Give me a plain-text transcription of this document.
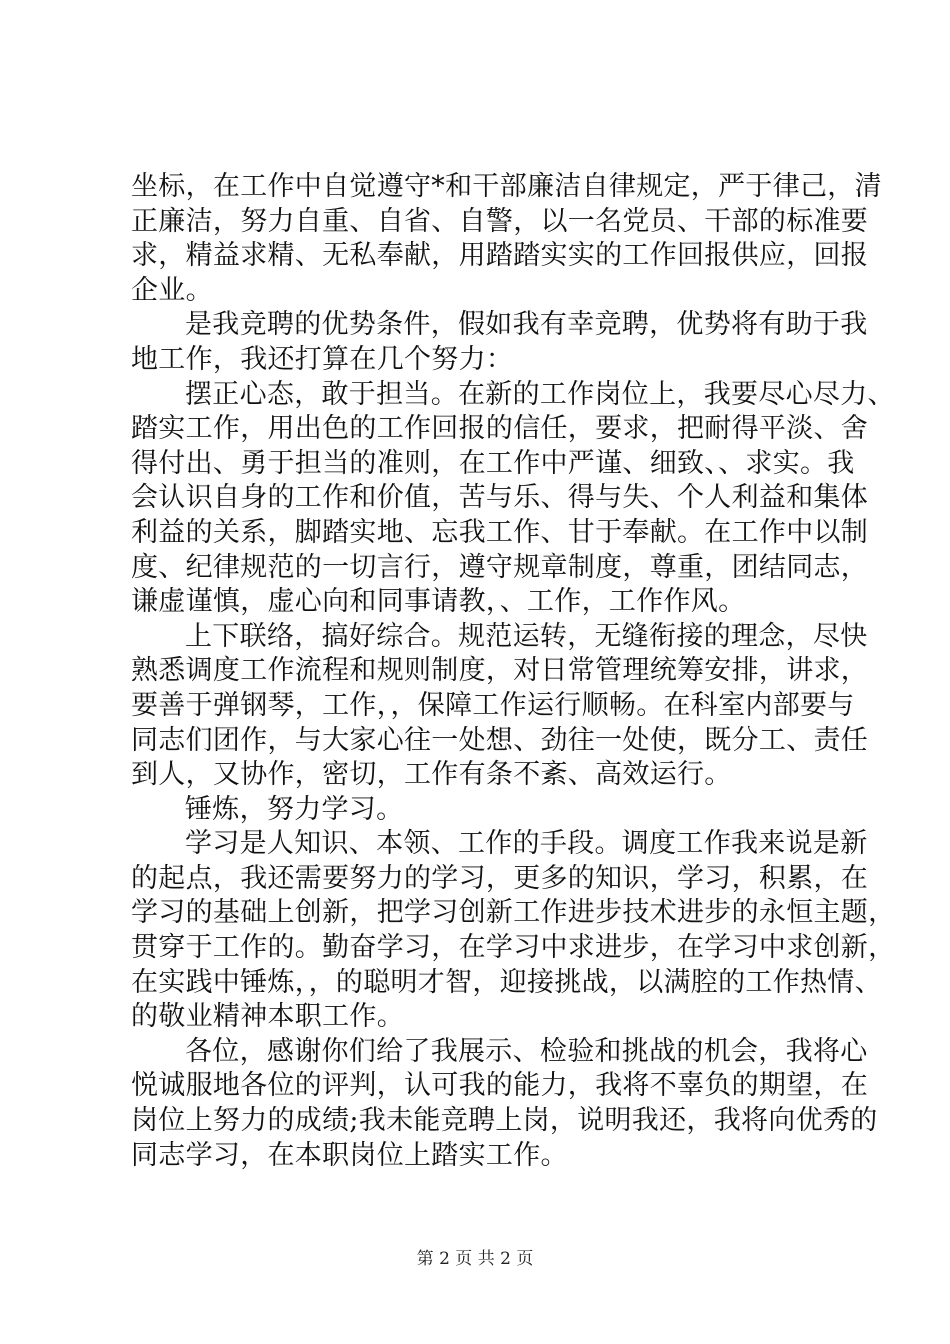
坐标，在工作中自觉遵守*和干部廉洁自律规定，严于律己，清
正廉洁，努力自重、自省、自警，以一名党员、干部的标准要
求，精益求精、无私奉献，用踏踏实实的工作回报供应，回报
企业。
是我竞聘的优势条件，假如我有幸竞聘，优势将有助于我
地工作，我还打算在几个努力：
摆正心态，敢于担当。在新的工作岗位上，我要尽心尽力、
踏实工作，用出色的工作回报的信任，要求，把耐得平淡、舍
得付出、勇于担当的准则，在工作中严谨、细致、、求实。我
会认识自身的工作和价值，苦与乐、得与失、个人利益和集体
利益的关系，脚踏实地、忘我工作、甘于奉献。在工作中以制
度、纪律规范的一切言行，遵守规章制度，尊重，团结同志，
谦虚谨慎，虚心向和同事请教，、工作，工作作风。
上下联络，搞好综合。规范运转，无缝衔接的理念，尽快
熟悉调度工作流程和规则制度，对日常管理统筹安排，讲求，
要善于弹钢琴，工作，，保障工作运行顺畅。在科室内部要与
同志们团作，与大家心往一处想、劲往一处使，既分工、责任
到人，又协作，密切，工作有条不紊、高效运行。
锤炼，努力学习。
学习是人知识、本领、工作的手段。调度工作我来说是新
的起点，我还需要努力的学习，更多的知识，学习，积累，在
学习的基础上创新，把学习创新工作进步技术进步的永恒主题，
贯穿于工作的。勤奋学习，在学习中求进步，在学习中求创新，
在实践中锤炼，，的聪明才智，迎接挑战，以满腔的工作热情、
的敬业精神本职工作。
各位，感谢你们给了我展示、检验和挑战的机会，我将心
悦诚服地各位的评判，认可我的能力，我将不辜负的期望，在
岗位上努力的成绩;我未能竞聘上岗，说明我还，我将向优秀的
同志学习，在本职岗位上踏实工作。
第 2 页 共 2 页
